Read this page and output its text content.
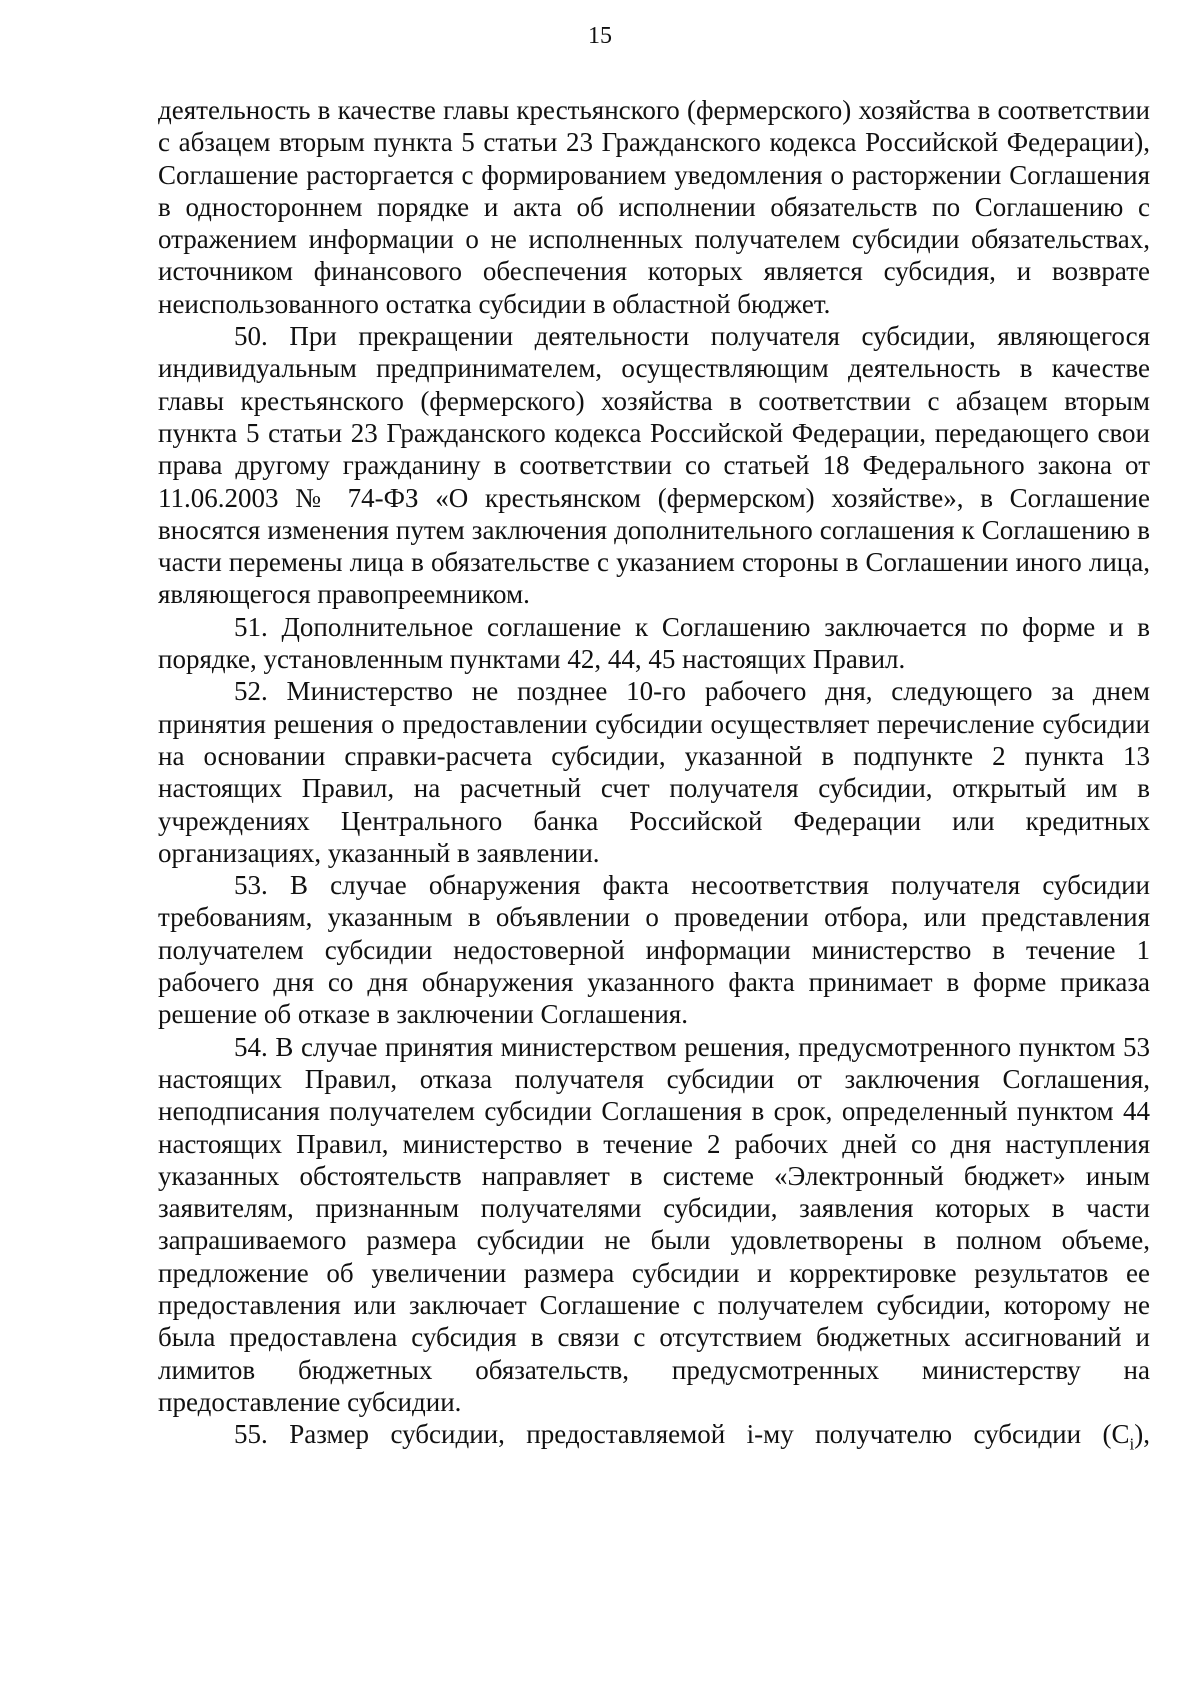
15

деятельность в качестве главы крестьянского (фермерского) хозяйства в соответствии с абзацем вторым пункта 5 статьи 23 Гражданского кодекса Российской Федерации), Соглашение расторгается с формированием уведомления о расторжении Соглашения в одностороннем порядке и акта об исполнении обязательств по Соглашению с отражением информации о не исполненных получателем субсидии обязательствах, источником финансового обеспечения которых является субсидия, и возврате неиспользованного остатка субсидии в областной бюджет.

50. При прекращении деятельности получателя субсидии, являющегося индивидуальным предпринимателем, осуществляющим деятельность в качестве главы крестьянского (фермерского) хозяйства в соответствии с абзацем вторым пункта 5 статьи 23 Гражданского кодекса Российской Федерации, передающего свои права другому гражданину в соответствии со статьей 18 Федерального закона от 11.06.2003 № 74-ФЗ «О крестьянском (фермерском) хозяйстве», в Соглашение вносятся изменения путем заключения дополнительного соглашения к Соглашению в части перемены лица в обязательстве с указанием стороны в Соглашении иного лица, являющегося правопреемником.

51. Дополнительное соглашение к Соглашению заключается по форме и в порядке, установленным пунктами 42, 44, 45 настоящих Правил.

52. Министерство не позднее 10-го рабочего дня, следующего за днем принятия решения о предоставлении субсидии осуществляет перечисление субсидии на основании справки-расчета субсидии, указанной в подпункте 2 пункта 13 настоящих Правил, на расчетный счет получателя субсидии, открытый им в учреждениях Центрального банка Российской Федерации или кредитных организациях, указанный в заявлении.

53. В случае обнаружения факта несоответствия получателя субсидии требованиям, указанным в объявлении о проведении отбора, или представления получателем субсидии недостоверной информации министерство в течение 1 рабочего дня со дня обнаружения указанного факта принимает в форме приказа решение об отказе в заключении Соглашения.

54. В случае принятия министерством решения, предусмотренного пунктом 53 настоящих Правил, отказа получателя субсидии от заключения Соглашения, неподписания получателем субсидии Соглашения в срок, определенный пунктом 44 настоящих Правил, министерство в течение 2 рабочих дней со дня наступления указанных обстоятельств направляет в системе «Электронный бюджет» иным заявителям, признанным получателями субсидии, заявления которых в части запрашиваемого размера субсидии не были удовлетворены в полном объеме, предложение об увеличении размера субсидии и корректировке результатов ее предоставления или заключает Соглашение с получателем субсидии, которому не была предоставлена субсидия в связи с отсутствием бюджетных ассигнований и лимитов бюджетных обязательств, предусмотренных министерству на предоставление субсидии.

55. Размер субсидии, предоставляемой i-му получателю субсидии $(С_i)$,
